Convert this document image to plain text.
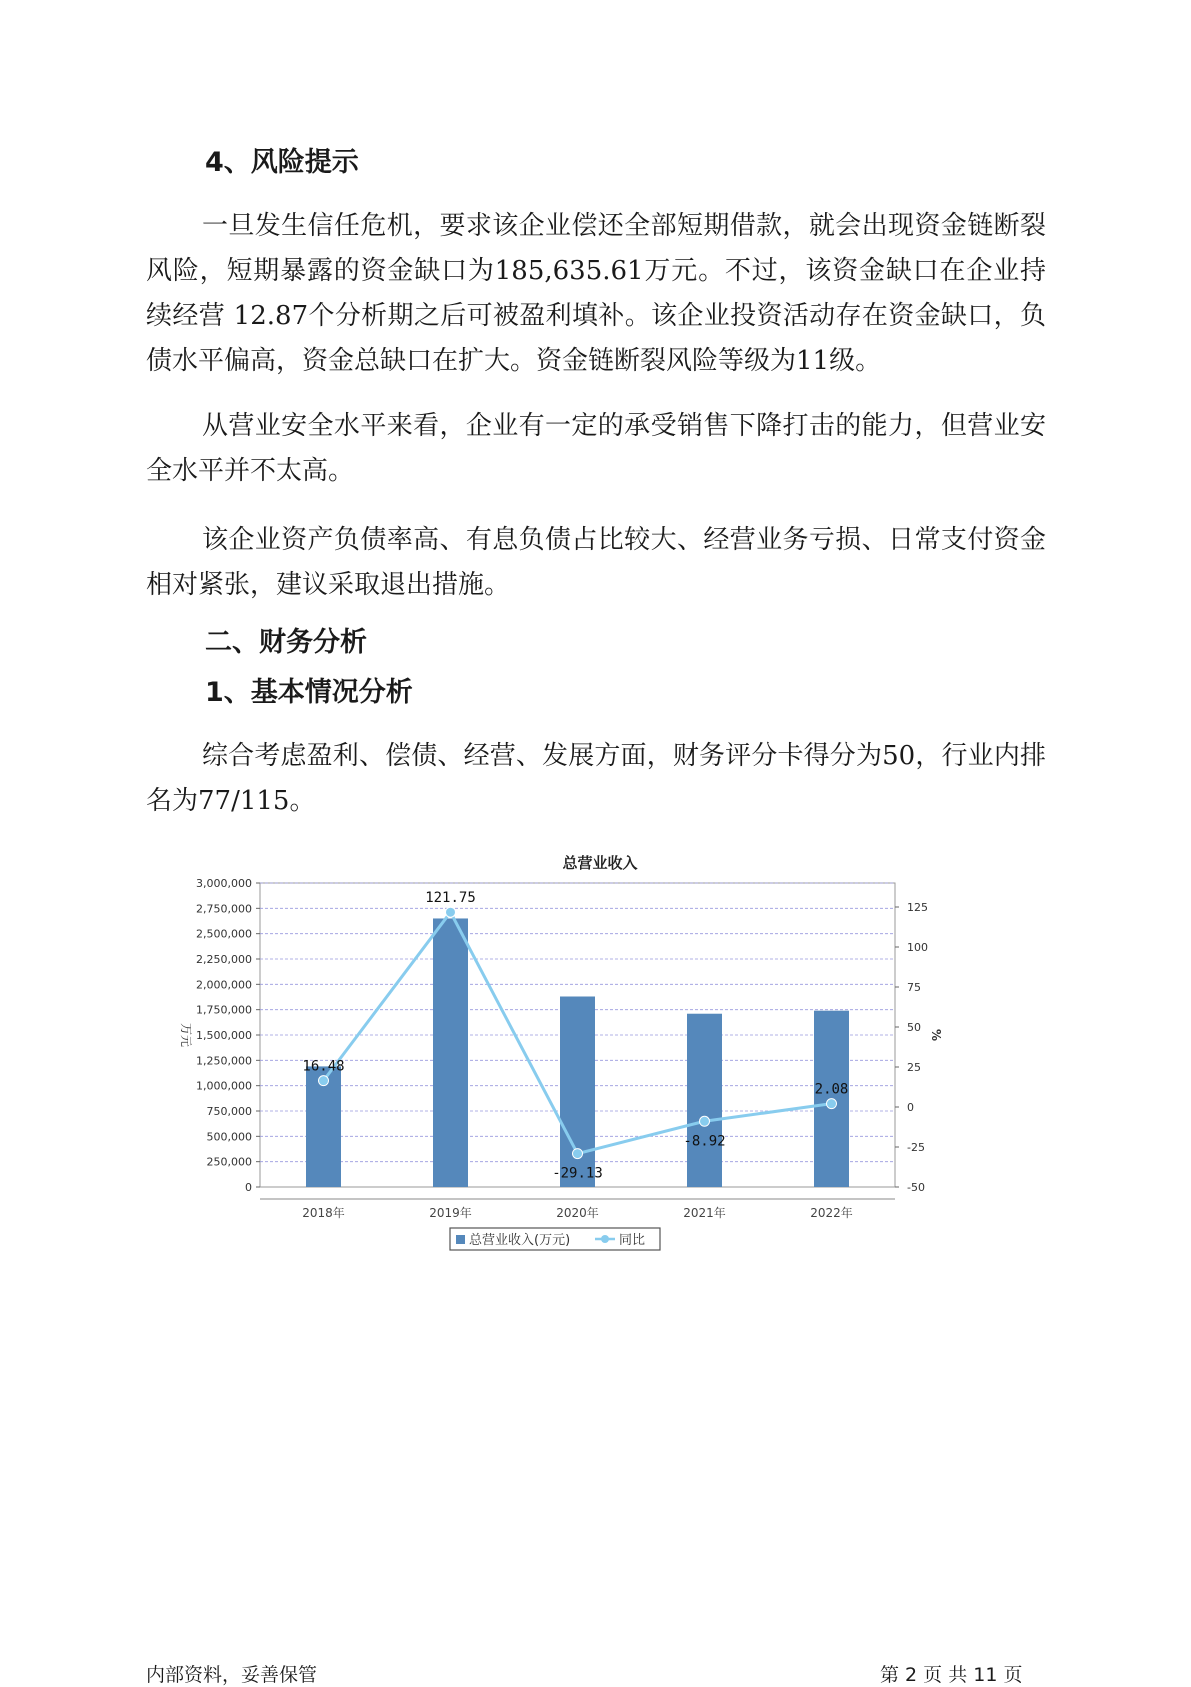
4、风险提示

一旦发生信任危机，要求该企业偿还全部短期借款，就会出现资金链断裂风险，短期暴露的资金缺口为185,635.61万元。不过，该资金缺口在企业持续经营 12.87个分析期之后可被盈利填补。该企业投资活动存在资金缺口，负债水平偏高，资金总缺口在扩大。资金链断裂风险等级为11级。

从营业安全水平来看，企业有一定的承受销售下降打击的能力，但营业安全水平并不太高。

该企业资产负债率高、有息负债占比较大、经营业务亏损、日常支付资金相对紧张，建议采取退出措施。

二、财务分析
1、基本情况分析

综合考虑盈利、偿债、经营、发展方面，财务评分卡得分为50，行业内排名为77/115。

总营业收入
0
250,000
500,000
750,000
1,000,000
1,250,000
1,500,000
1,750,000
2,000,000
2,250,000
2,500,000
2,750,000
3,000,000
-50
-25
0
25
50
75
100
125
万元	%
2018年	2019年	2020年	2021年	2022年
16.48
121.75
-29.13
-8.92
2.08
总营业收入(万元)	同比
内部资料，妥善保管	第 2 页 共 11 页
